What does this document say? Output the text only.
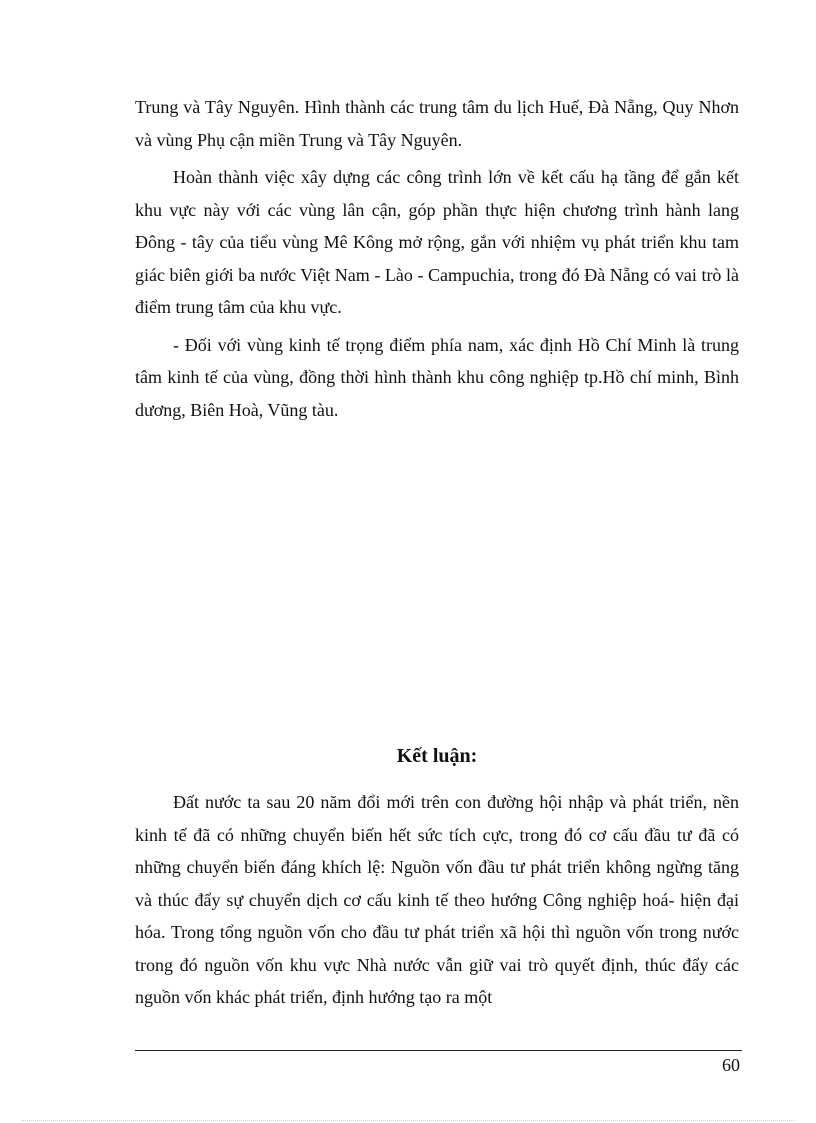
Trung và Tây Nguyên. Hình thành các trung tâm du lịch Huế, Đà Nẵng, Quy Nhơn và vùng Phụ cận miền Trung và Tây Nguyên.

Hoàn thành việc xây dựng các công trình lớn về kết cấu hạ tầng để gắn kết khu vực này với các vùng lân cận, góp phần thực hiện chương trình hành lang Đông - tây của tiểu vùng Mê Kông mở rộng, gắn với nhiệm vụ phát triển khu tam giác biên giới ba nước Việt Nam - Lào - Campuchia, trong đó Đà Nẵng có vai trò là điểm trung tâm của khu vực.

- Đối với vùng kinh tế trọng điểm phía nam, xác định Hồ Chí Minh là trung tâm kinh tế của vùng, đồng thời hình thành khu công nghiệp tp.Hồ chí minh, Bình dương, Biên Hoà, Vũng tàu.

Kết luận:

Đất nước ta sau 20 năm đổi mới trên con đường hội nhập và phát triển, nền kinh tế đã có những chuyển biến hết sức tích cực, trong đó cơ cấu đầu tư đã có những chuyển biến đáng khích lệ: Nguồn vốn đầu tư phát triển không ngừng tăng và thúc đẩy sự chuyển dịch cơ cấu kinh tế theo hướng Công nghiệp hoá- hiện đại hóa. Trong tổng nguồn vốn cho đầu tư phát triển xã hội thì nguồn vốn trong nước trong đó nguồn vốn khu vực Nhà nước vẫn giữ vai trò quyết định, thúc đẩy các nguồn vốn khác phát triển, định hướng tạo ra một

60
